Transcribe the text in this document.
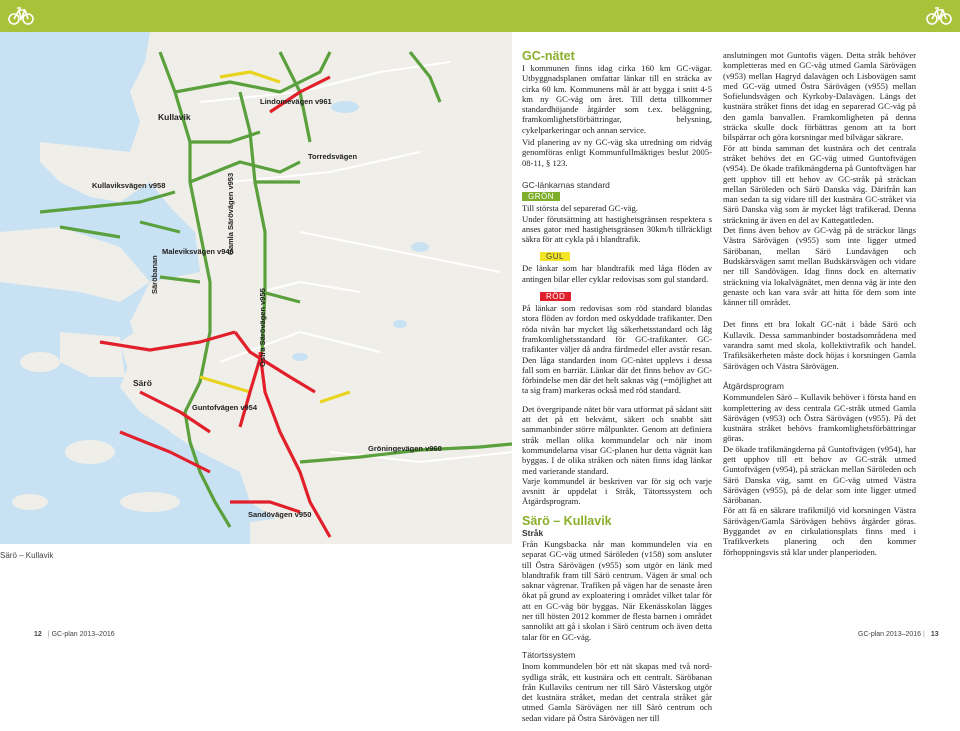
Kullavik
Lindomevägen v961
Kullaviksvägen v958
Torredsvägen
Maleviksvägen v946
Gamla Särövägen v953
Säröbanan
Östra Särövägen v955
Särö
Guntofvägen v954
Gröningevägen v960
Sandövägen v950
Särö – Kullavik
GC-nätet

I kommunen finns idag cirka 160 km GC-vägar. Utbyggnadsplanen omfattar länkar till en sträcka av cirka 60 km. Kommunens mål är att bygga i snitt 4-5 km ny GC-väg om året. Till detta tillkommer standardhöjande åtgärder som t.ex. beläggning, framkomlighetsförbättringar, belysning, cykelparkeringar och annan service.

Vid planering av ny GC-väg ska utredning om ridväg genomföras enligt Kommunfullmäktiges beslut 2005-08-11, § 123.

GC-länkarnas standard
GRÖN

Till största del separerad GC-väg.

Under förutsättning att hastighetsgränsen respektera s anses gator med hastighetsgränsen 30km/h tillräckligt säkra för att cykla på i blandtrafik.

GUL

De länkar som har blandtrafik med låga flöden av antingen bilar eller cyklar redovisas som gul standard.

RÖD

På länkar som redovisas som röd standard blandas stora flöden av fordon med oskyddade trafikanter. Den röda nivån har mycket låg säkerhetsstandard och låg framkomlighetsstandard för GC-trafikanter. GC-trafikanter väljer då andra färdmedel eller avstår resan. Den låga standarden inom GC-nätet upplevs i dessa fall som en barriär. Länkar där det finns behov av GC-förbindelse men där det helt saknas väg (=möjlighet att ta sig fram) markeras också med röd standard.

Det övergripande nätet bör vara utformat på sådant sätt att det på ett bekvämt, säkert och snabbt sätt sammanbinder större målpunkter. Genom att definiera stråk mellan olika kommundelar och när inom kommundelarna visar GC-planen hur detta vägnät kan byggas. I de olika stråken och näten finns idag länkar med varierande standard.

Varje kommundel är beskriven var för sig och varje avsnitt är uppdelat i Stråk, Tätortssystem och Åtgärdsprogram.

Särö – Kullavik
Stråk

Från Kungsbacka når man kommundelen via en separat GC-väg utmed Säröleden (v158) som ansluter till Östra Särövägen (v955) som utgör en länk med blandtrafik fram till Särö centrum. Vägen är smal och saknar vägrenar. Trafiken på vägen har de senaste åren ökat på grund av exploatering i området vilket talar för att en GC-väg bör byggas. När Ekenässkolan lägges ner till hösten 2012 kommer de flesta barnen i området sannolikt att gå i skolan i Särö centrum och även detta talar för en GC-väg.

Tätortssystem

Inom kommundelen bör ett nät skapas med två nord-sydliga stråk, ett kustnära och ett centralt. Säröbanan från Kullaviks centrum ner till Särö Västerskog utgör det kustnära stråket, medan det centrala stråket går utmed Gamla Särövägen ner till Särö centrum och sedan vidare på Östra Särövägen ner till

anslutningen mot Guntofts vägen. Detta stråk behöver kompletteras med en GC-väg utmed Gamla Särövägen (v953) mellan Hagryd dalavägen och Lisbovägen samt med GC-väg utmed Östra Särövägen (v955) mellan Sofielundsvägen och Kyrkoby-Dalavägen. Längs det kustnära stråket finns det idag en separerad GC-väg på den gamla banvallen. Framkomligheten på denna sträcka skulle dock förbättras genom att ta bort bilspärrar och göra korsningar med bilvägar säkrare.

För att binda samman det kustnära och det centrala stråket behövs det en GC-väg utmed Guntoftvägen (v954). De ökade trafikmängderna på Guntoftvägen har gett upphov till ett behov av GC-stråk på sträckan mellan Säröleden och Särö Danska väg. Därifrån kan man sedan ta sig vidare till det kustnära GC-stråket via Särö Danska väg som är mycket lågt trafikerad. Denna sträckning är även en del av Kattegattleden.

Det finns även behov av GC-väg på de sträckor längs Västra Särövägen (v955) som inte ligger utmed Säröbanan, mellan Särö Lundavägen och Budskärsvägen samt mellan Budskärsvägen och vidare ner till Sandövägen. Idag finns dock en alternativ sträckning via lokalvägnätet, men denna väg är inte den genaste och kan vara svår att hitta för dem som inte känner till området.

Det finns ett bra lokalt GC-nät i både Särö och Kullavik. Dessa sammanbinder bostadsområdena med varandra samt med skola, kollektivtrafik och handel. Trafiksäkerheten måste dock höjas i korsningen Gamla Särövägen och Västra Särövägen.

Åtgärdsprogram

Kommundelen Särö – Kullavik behöver i första hand en komplettering av dess centrala GC-stråk utmed Gamla Särövägen (v953) och Östra Särövägen (v955). På det kustnära stråket behövs framkomlighetsförbättringar göras.

De ökade trafikmängderna på Guntoftvägen (v954), har gett upphov till ett behov av GC-stråk utmed Guntoftvägen (v954), på sträckan mellan Säröleden och Särö Danska väg, samt en GC-väg utmed Västra Särövägen (v955), på de delar som inte ligger utmed Säröbanan.

För att få en säkrare trafikmiljö vid korsningen Västra Särövägen/Gamla Särövägen behövs åtgärder göras. Byggandet av en cirkulationsplats finns med i Trafikverkets planering och den kommer förhoppningsvis stå klar under planperioden.

12 | GC-plan 2013–2016	GC-plan 2013–2016 | 13
